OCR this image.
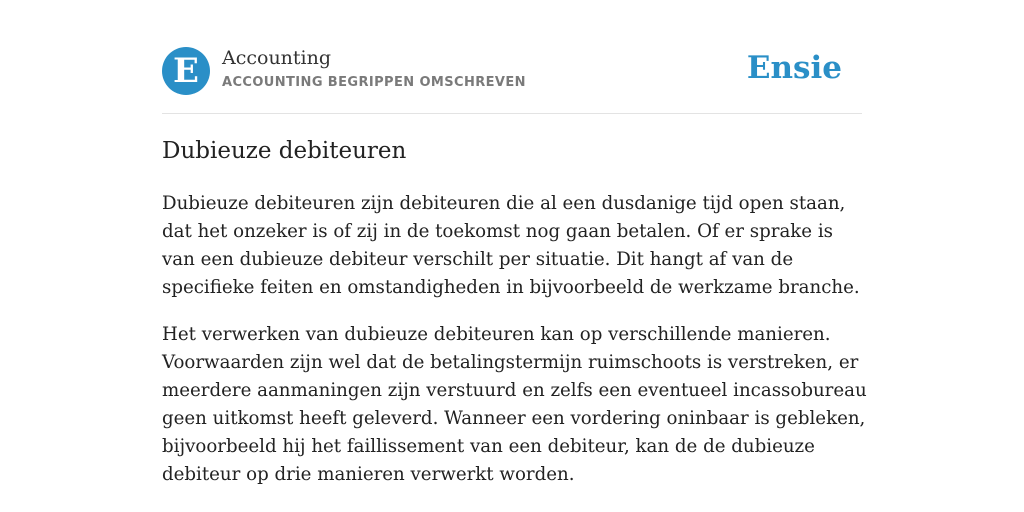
E	Accounting
ACCOUNTING BEGRIPPEN OMSCHREVEN	Ensie
Dubieuze debiteuren

Dubieuze debiteuren zijn debiteuren die al een dusdanige tijd open staan, dat het onzeker is of zij in de toekomst nog gaan betalen. Of er sprake is van een dubieuze debiteur verschilt per situatie. Dit hangt af van de specifieke feiten en omstandigheden in bijvoorbeeld de werkzame branche.

Het verwerken van dubieuze debiteuren kan op verschillende manieren. Voorwaarden zijn wel dat de betalingstermijn ruimschoots is verstreken, er meerdere aanmaningen zijn verstuurd en zelfs een eventueel incassobureau geen uitkomst heeft geleverd. Wanneer een vordering oninbaar is gebleken, bijvoorbeeld hij het faillissement van een debiteur, kan de de dubieuze debiteur op drie manieren verwerkt worden.
